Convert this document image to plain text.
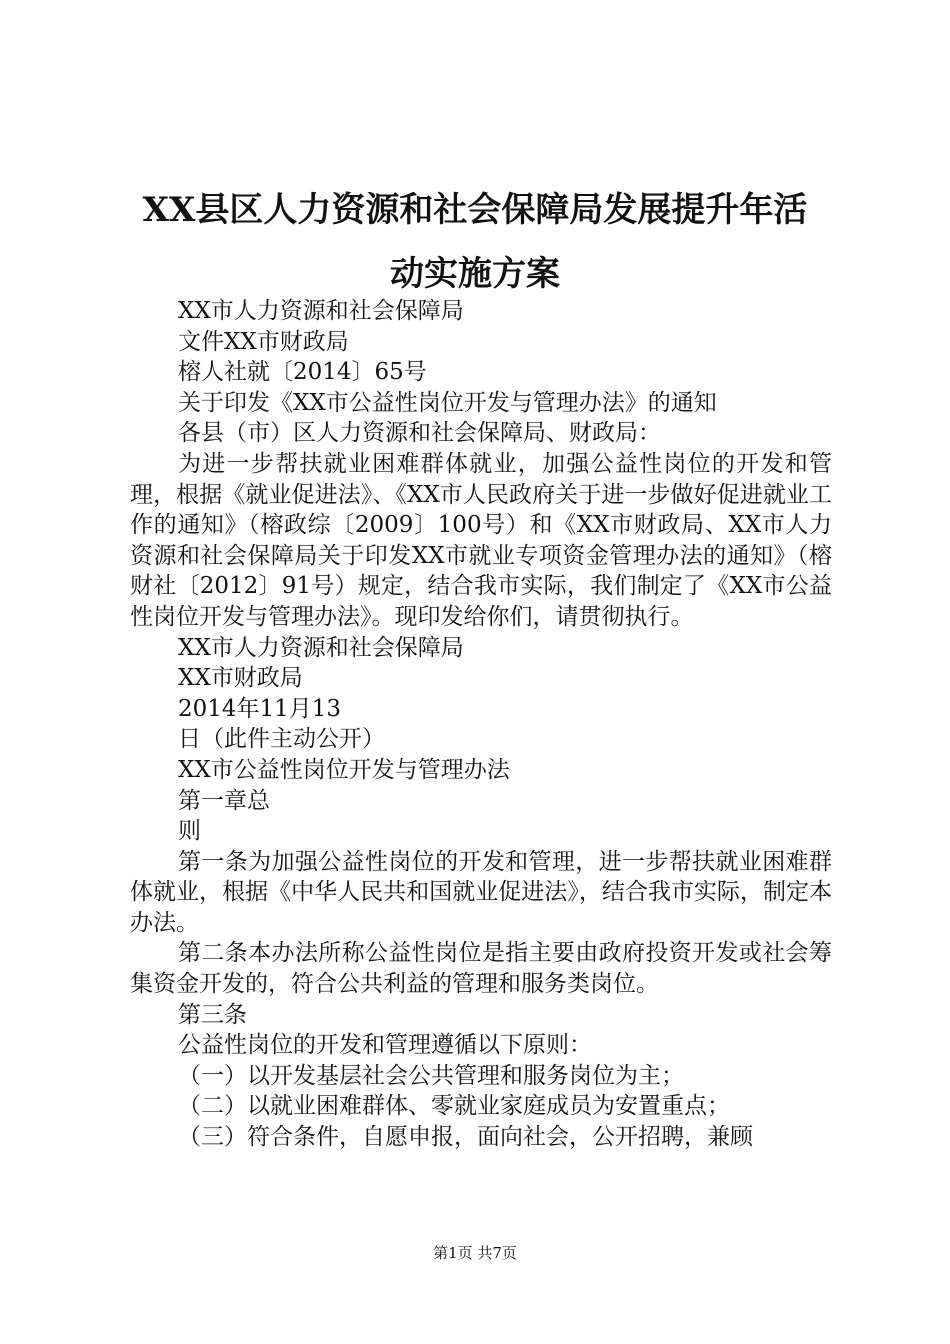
XX县区人力资源和社会保障局发展提升年活
动实施方案

XX市人力资源和社会保障局

文件XX市财政局

榕人社就〔2014〕65号

关于印发《XX市公益性岗位开发与管理办法》的通知

各县（市）区人力资源和社会保障局、财政局：

为进一步帮扶就业困难群体就业，加强公益性岗位的开发和管理，根据《就业促进法》、《XX市人民政府关于进一步做好促进就业工作的通知》（榕政综〔2009〕100号）和《XX市财政局、XX市人力资源和社会保障局关于印发XX市就业专项资金管理办法的通知》（榕财社〔2012〕91号）规定，结合我市实际，我们制定了《XX市公益性岗位开发与管理办法》。现印发给你们，请贯彻执行。

XX市人力资源和社会保障局

XX市财政局

2014年11月13

日（此件主动公开）

XX市公益性岗位开发与管理办法

第一章总

则

第一条为加强公益性岗位的开发和管理，进一步帮扶就业困难群体就业，根据《中华人民共和国就业促进法》，结合我市实际，制定本办法。

第二条本办法所称公益性岗位是指主要由政府投资开发或社会筹集资金开发的，符合公共利益的管理和服务类岗位。

第三条

公益性岗位的开发和管理遵循以下原则：

（一）以开发基层社会公共管理和服务岗位为主；

（二）以就业困难群体、零就业家庭成员为安置重点；

（三）符合条件，自愿申报，面向社会，公开招聘，兼顾

第1页 共7页
